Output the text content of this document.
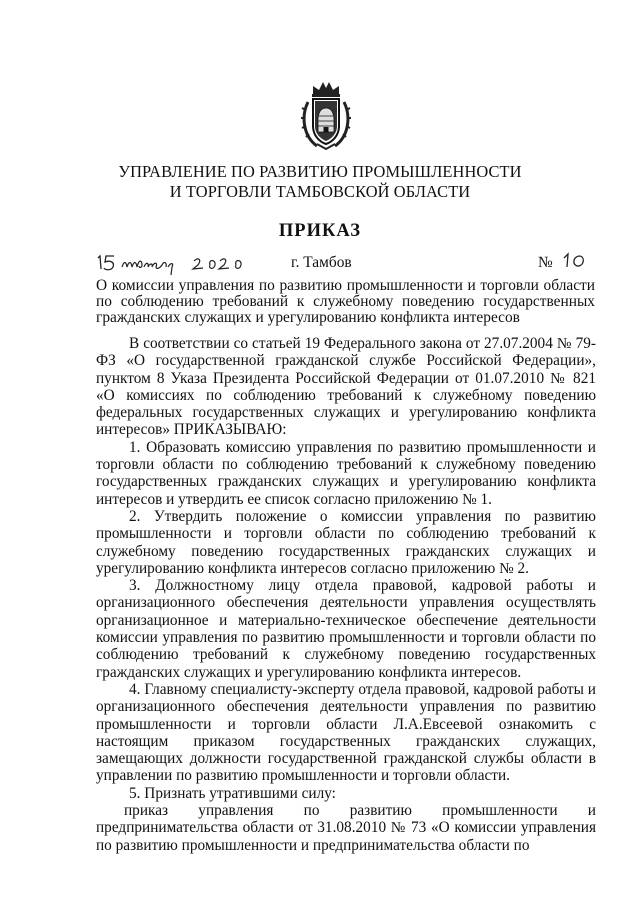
УПРАВЛЕНИЕ ПО РАЗВИТИЮ ПРОМЫШЛЕННОСТИ
И ТОРГОВЛИ ТАМБОВСКОЙ ОБЛАСТИ
ПРИКАЗ
г. Тамбов	№
О комиссии управления по развитию промышленности и торговли области
по соблюдению требований к служебному поведению государственных
гражданских служащих и урегулированию конфликта интересов

В соответствии со статьей 19 Федерального закона от 27.07.2004 № 79-ФЗ «О государственной гражданской службе Российской Федерации», пунктом 8 Указа Президента Российской Федерации от 01.07.2010 № 821 «О комиссиях по соблюдению требований к служебному поведению федеральных государственных служащих и урегулированию конфликта интересов» ПРИКАЗЫВАЮ:

1. Образовать комиссию управления по развитию промышленности и торговли области по соблюдению требований к служебному поведению государственных гражданских служащих и урегулированию конфликта интересов и утвердить ее список согласно приложению № 1.

2. Утвердить положение о комиссии управления по развитию промышленности и торговли области по соблюдению требований к служебному поведению государственных гражданских служащих и урегулированию конфликта интересов согласно приложению № 2.

3. Должностному лицу отдела правовой, кадровой работы и организационного обеспечения деятельности управления осуществлять организационное и материально-техническое обеспечение деятельности комиссии управления по развитию промышленности и торговли области по соблюдению требований к служебному поведению государственных гражданских служащих и урегулированию конфликта интересов.

4. Главному специалисту-эксперту отдела правовой, кадровой работы и организационного обеспечения деятельности управления по развитию промышленности и торговли области Л.А.Евсеевой ознакомить с настоящим приказом государственных гражданских служащих, замещающих должности государственной гражданской службы области в управлении по развитию промышленности и торговли области.

5. Признать утратившими силу:

приказ управления по развитию промышленности и предпринимательства области от 31.08.2010 № 73 «О комиссии управления по развитию промышленности и предпринимательства области по
